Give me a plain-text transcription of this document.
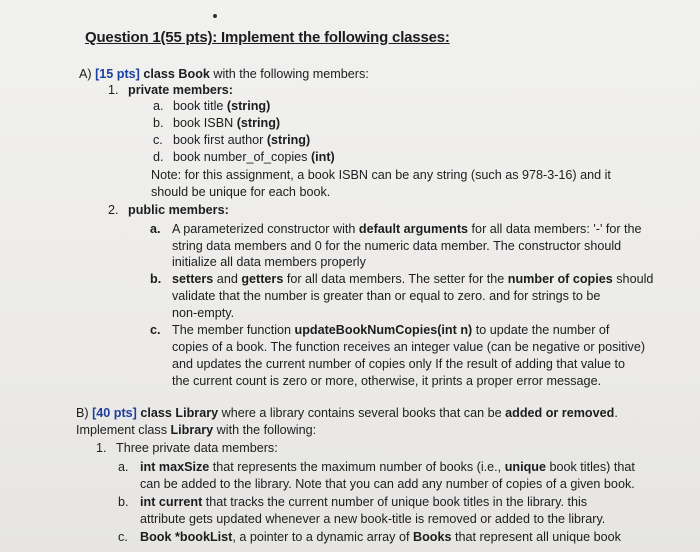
Question 1(55 pts): Implement the following classes:
A) [15 pts] class Book with the following members:
1. private members:
a. book title (string)
b. book ISBN (string)
c. book first author (string)
d. book number_of_copies (int)
Note: for this assignment, a book ISBN can be any string (such as 978-3-16) and it
should be unique for each book.
2. public members:
a. A parameterized constructor with default arguments for all data members: '-' for the
string data members and 0 for the numeric data member. The constructor should
initialize all data members properly
b. setters and getters for all data members. The setter for the number of copies should
validate that the number is greater than or equal to zero. and for strings to be
non-empty.
c. The member function updateBookNumCopies(int n) to update the number of
copies of a book. The function receives an integer value (can be negative or positive)
and updates the current number of copies only If the result of adding that value to
the current count is zero or more, otherwise, it prints a proper error message.
B) [40 pts] class Library where a library contains several books that can be added or removed.
Implement class Library with the following:
1. Three private data members:
a. int maxSize that represents the maximum number of books (i.e., unique book titles) that
can be added to the library. Note that you can add any number of copies of a given book.
b. int current that tracks the current number of unique book titles in the library. this
attribute gets updated whenever a new book-title is removed or added to the library.
c. Book *bookList, a pointer to a dynamic array of Books that represent all unique book
